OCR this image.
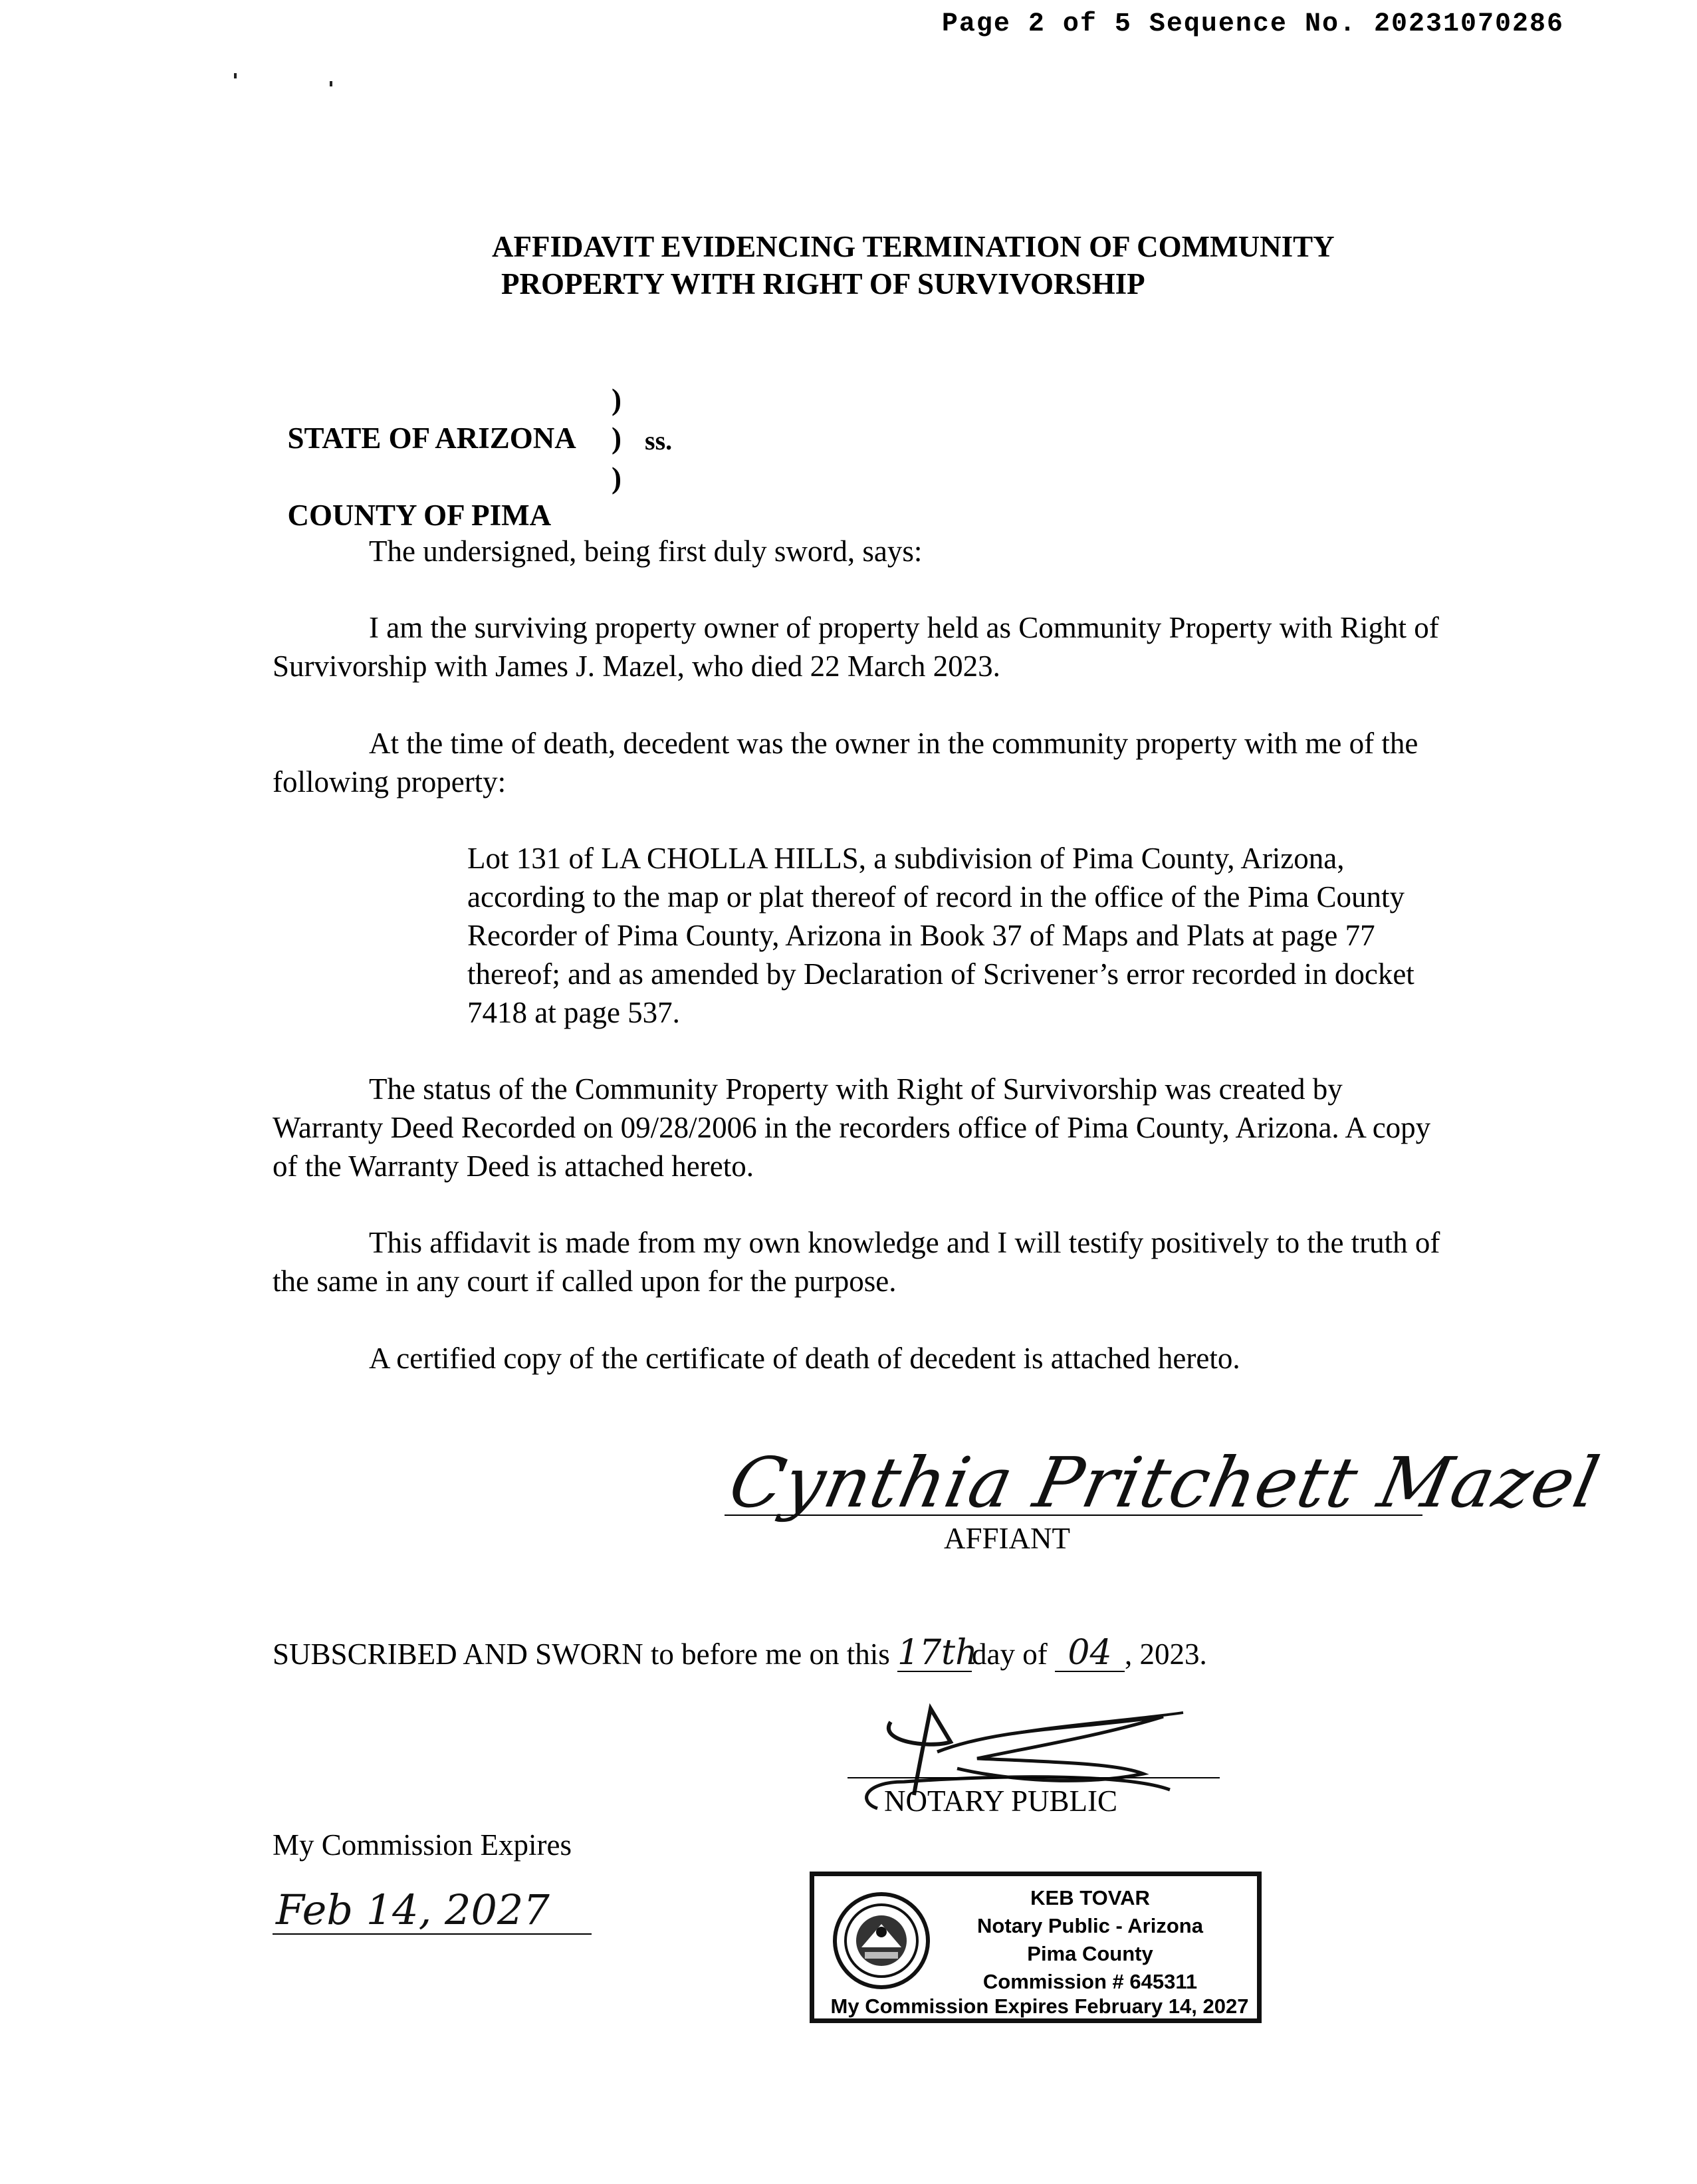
Page 2 of 5 Sequence No. 20231070286
AFFIDAVIT EVIDENCING TERMINATION OF COMMUNITY
PROPERTY WITH RIGHT OF SURVIVORSHIP

STATE OF ARIZONA

)
) ss.

COUNTY OF PIMA

)

The undersigned, being first duly sword, says:

I am the surviving property owner of property held as Community Property with Right of Survivorship with James J. Mazel, who died 22 March 2023.

At the time of death, decedent was the owner in the community property with me of the following property:

Lot 131 of LA CHOLLA HILLS, a subdivision of Pima County, Arizona, according to the map or plat thereof of record in the office of the Pima County Recorder of Pima County, Arizona in Book 37 of Maps and Plats at page 77 thereof; and as amended by Declaration of Scrivener’s error recorded in docket 7418 at page 537.

The status of the Community Property with Right of Survivorship was created by Warranty Deed Recorded on 09/28/2006 in the recorders office of Pima County, Arizona. A copy of the Warranty Deed is attached hereto.

This affidavit is made from my own knowledge and I will testify positively to the truth of the same in any court if called upon for the purpose.

A certified copy of the certificate of death of decedent is attached hereto.

Cynthia Pritchett Mazel
AFFIANT
SUBSCRIBED AND SWORN to before me on this 17thday of 04 , 2023.
NOTARY PUBLIC
My Commission Expires
Feb 14, 2027	KEB TOVAR
Notary Public - Arizona
Pima County
Commission # 645311
My Commission Expires February 14, 2027
